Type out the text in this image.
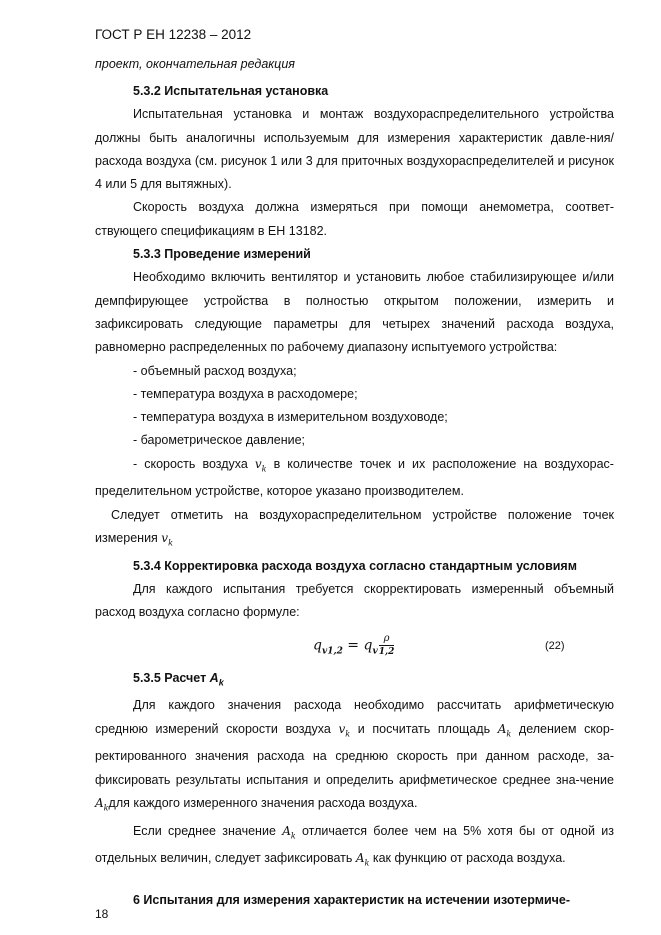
ГОСТ Р ЕН 12238 – 2012
проект, окончательная редакция

5.3.2 Испытательная установка

Испытательная установка и монтаж воздухораспределительного устройства должны быть аналогичны используемым для измерения характеристик давле-ния/расхода воздуха (см. рисунок 1 или 3 для приточных воздухораспределителей и рисунок 4 или 5 для вытяжных).

Скорость воздуха должна измеряться при помощи анемометра, соответ-ствующего спецификациям в ЕН 13182.

5.3.3 Проведение измерений

Необходимо включить вентилятор и установить любое стабилизирующее и/или демпфирующее устройства в полностью открытом положении, измерить и зафиксировать следующие параметры для четырех значений расхода воздуха, равномерно распределенных по рабочему диапазону испытуемого устройства:

- объемный расход воздуха;

- температура воздуха в расходомере;

- температура воздуха в измерительном воздуховоде;

- барометрическое давление;

- скорость воздуха $v_k$ в количестве точек и их расположение на воздухорас-пределительном устройстве, которое указано производителем.

Следует отметить на воздухораспределительном устройстве положение точек измерения $v_k$

5.3.4 Корректировка расхода воздуха согласно стандартным условиям

Для каждого испытания требуется скорректировать измеренный объемный расход воздуха согласно формуле:

$q_{v1,2} = q_v \frac{\rho}{1,2}$	(22)

5.3.5 Расчет $A_k$

Для каждого значения расхода необходимо рассчитать арифметическую среднюю измерений скорости воздуха $v_k$ и посчитать площадь $A_k$ делением скор-ректированного значения расхода на среднюю скорость при данном расходе, за-фиксировать результаты испытания и определить арифметическое среднее зна-чение $A_kдля$ каждого измеренного значения расхода воздуха.

Если среднее значение $A_k$ отличается более чем на 5% хотя бы от одной из отдельных величин, следует зафиксировать $A_k$ как функцию от расхода воздуха.

6 Испытания для измерения характеристик на истечении изотермиче-

18
